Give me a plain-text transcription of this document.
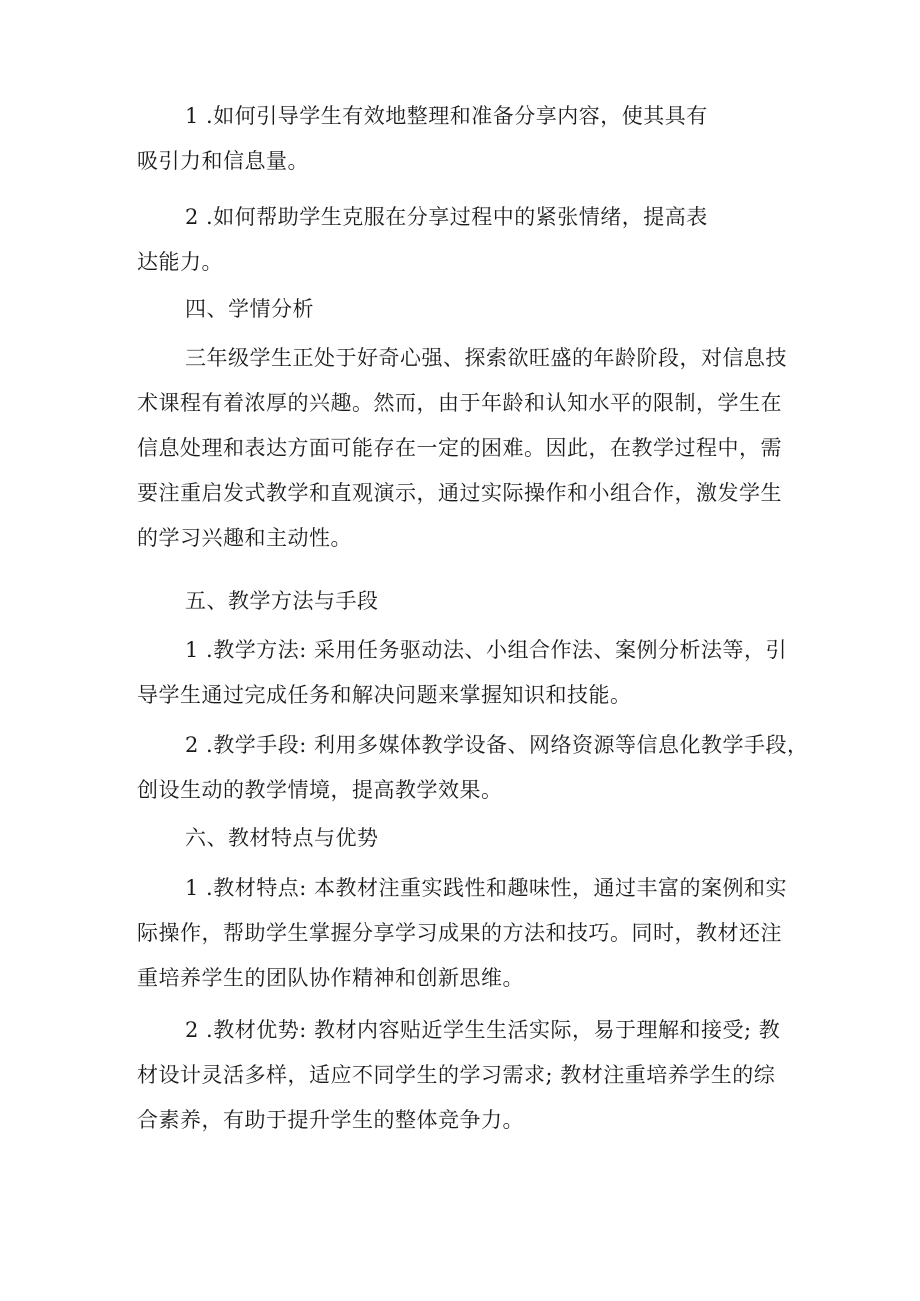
1 .如何引导学生有效地整理和准备分享内容，使其具有
吸引力和信息量。
2 .如何帮助学生克服在分享过程中的紧张情绪，提高表
达能力。
四、学情分析
三年级学生正处于好奇心强、探索欲旺盛的年龄阶段，对信息技
术课程有着浓厚的兴趣。然而，由于年龄和认知水平的限制，学生在
信息处理和表达方面可能存在一定的困难。因此，在教学过程中，需
要注重启发式教学和直观演示，通过实际操作和小组合作，激发学生
的学习兴趣和主动性。
五、教学方法与手段
1 .教学方法: 采用任务驱动法、小组合作法、案例分析法等，引
导学生通过完成任务和解决问题来掌握知识和技能。
2 .教学手段: 利用多媒体教学设备、网络资源等信息化教学手段，
创设生动的教学情境，提高教学效果。
六、教材特点与优势
1 .教材特点: 本教材注重实践性和趣味性，通过丰富的案例和实
际操作，帮助学生掌握分享学习成果的方法和技巧。同时，教材还注
重培养学生的团队协作精神和创新思维。
2 .教材优势: 教材内容贴近学生生活实际，易于理解和接受; 教
材设计灵活多样，适应不同学生的学习需求; 教材注重培养学生的综
合素养，有助于提升学生的整体竞争力。
